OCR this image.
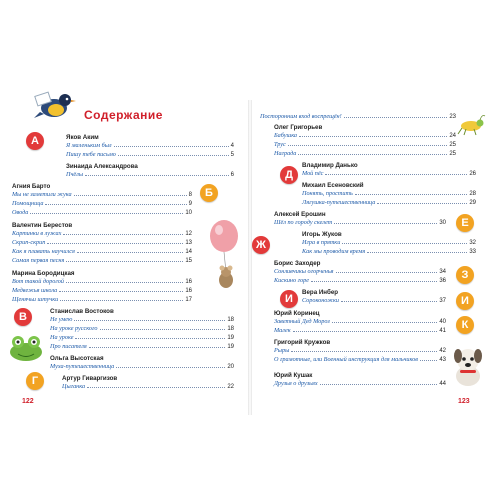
Содержание
А	Яков Аким
Я маленьким был	4
Пишу тебе письмо	5
Зинаида Александрова
Пчёлы	6
Агния Барто
Б
Мы не заметили жука	8
Помощница	9
Овода	10
Валентин Берестов
Картинки в лужах	12
Скрип-скрип	13
Как я плавать научился	14
Самая первая песня	15
Марина Бородицкая
Вот такой дорогой	16
Медвежья школа	16
Щенячьи штучки	17
В	Станислав Востоков
Не умею	18
На уроке русского	18
На уроке	19
Про писателя	19
Ольга Высотская
Муха-путешественница	20
Г	Артур Гиваргизов
Цыганка	22
Посторонним вход воспрещён!	23
Олег Григорьев
Бабушка	24
Трус	25
Награда	25
Владимир Данько
Д	Мой пёс	26
Михаил Есеновский
Понять, простить	28
Лягушка-путешественница	29
Алексей Ерошин
Шёл по городу скелет	30	Е
Ж
Игорь Жуков
Игра в прятки	32
Как мы проводим время	33
Борис Заходер
Сонливчикы огорченья	34
Кискино горе	36	З
И
Вера Инбер
Сороконожки	37	И
Юрий Коринец
Заветный Дед Мороз	40
Малек	41	К
Григорий Кружков
Рыры	42
О грамотные, или Военный инструкция для мальчиков	43
Юрий Кушак
Друзья о друзьях	44
122	123
